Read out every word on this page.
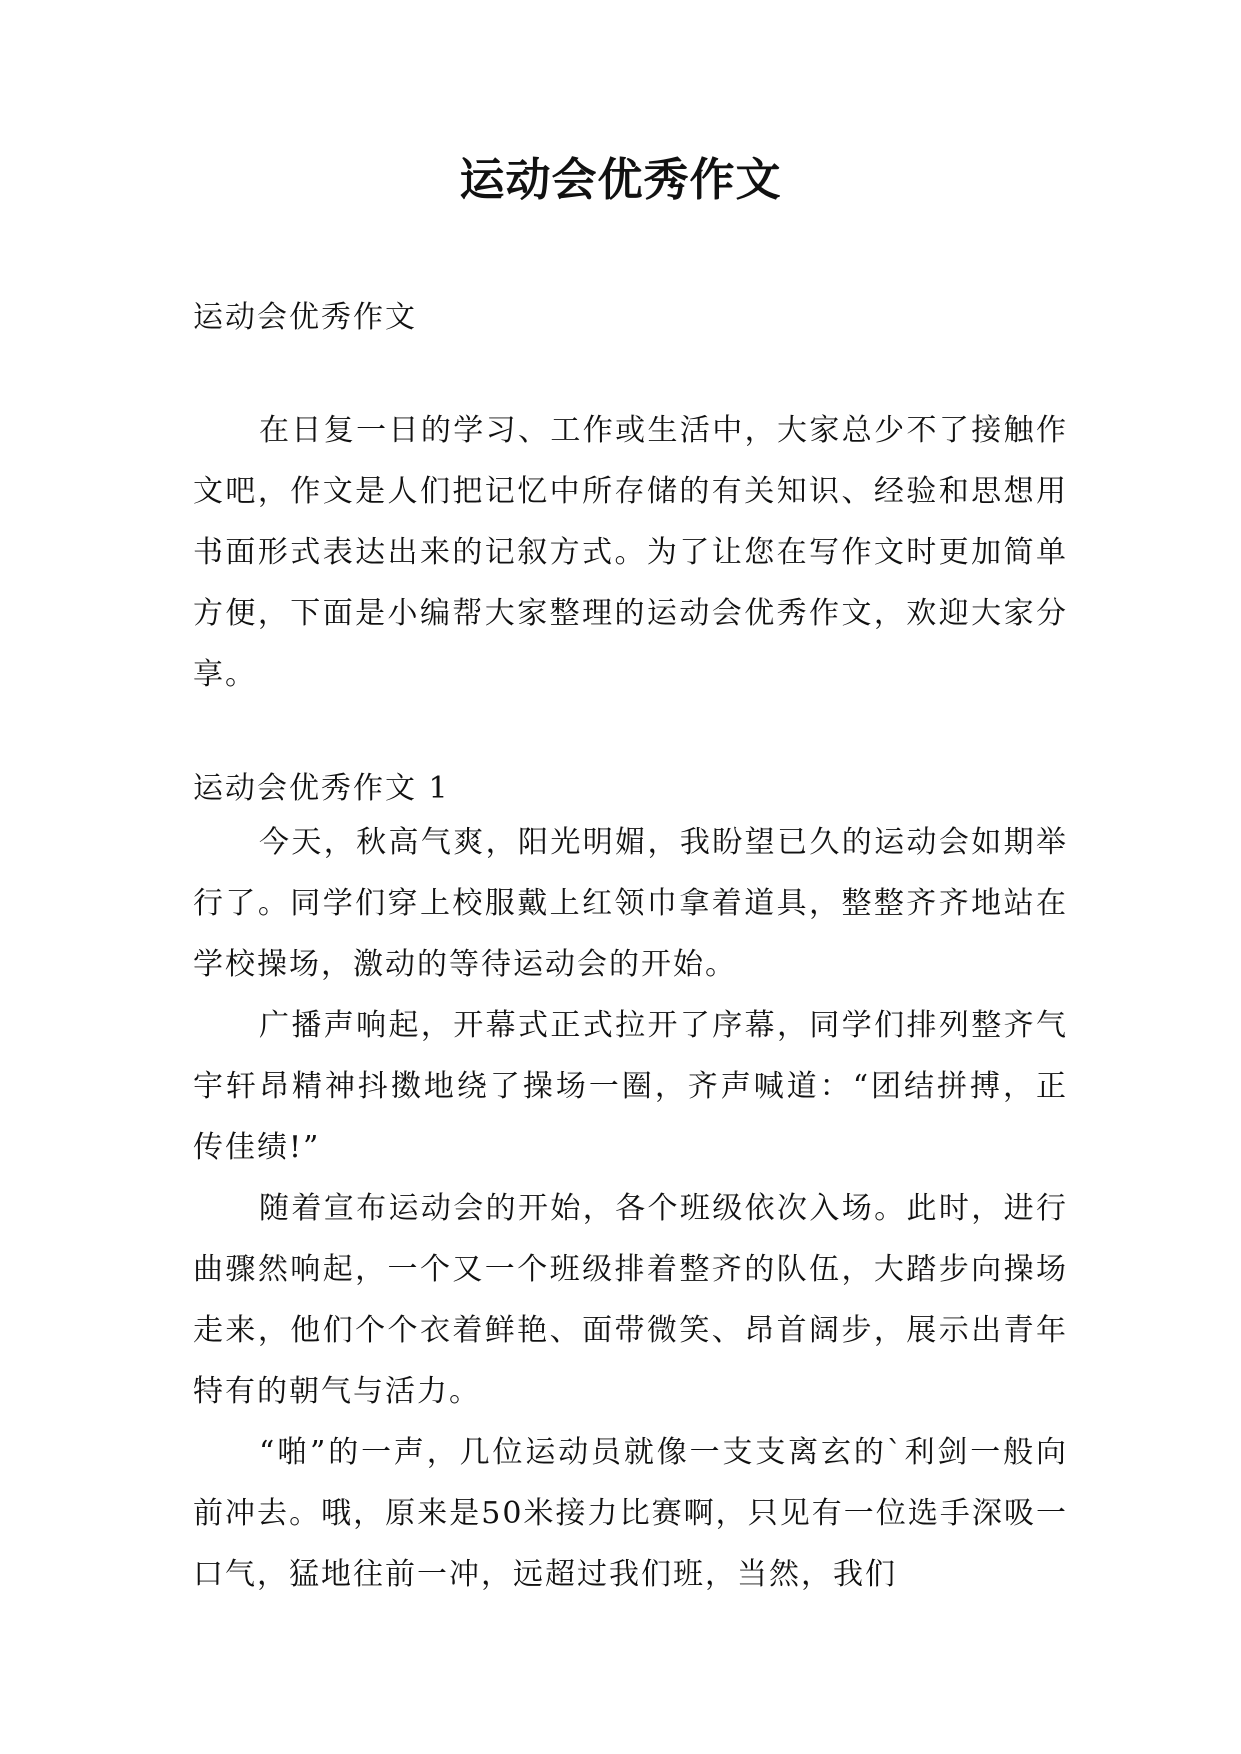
运动会优秀作文

运动会优秀作文

在日复一日的学习、工作或生活中，大家总少不了接触作文吧，作文是人们把记忆中所存储的有关知识、经验和思想用书面形式表达出来的记叙方式。为了让您在写作文时更加简单方便，下面是小编帮大家整理的运动会优秀作文，欢迎大家分享。

运动会优秀作文 1

今天，秋高气爽，阳光明媚，我盼望已久的运动会如期举行了。同学们穿上校服戴上红领巾拿着道具，整整齐齐地站在学校操场，激动的等待运动会的开始。

广播声响起，开幕式正式拉开了序幕，同学们排列整齐气宇轩昂精神抖擞地绕了操场一圈，齐声喊道：“团结拼搏，正传佳绩!”

随着宣布运动会的开始，各个班级依次入场。此时，进行曲骤然响起，一个又一个班级排着整齐的队伍，大踏步向操场走来，他们个个衣着鲜艳、面带微笑、昂首阔步，展示出青年特有的朝气与活力。

“啪”的一声，几位运动员就像一支支离玄的`利剑一般向前冲去。哦，原来是50米接力比赛啊，只见有一位选手深吸一口气，猛地往前一冲，远超过我们班，当然，我们
